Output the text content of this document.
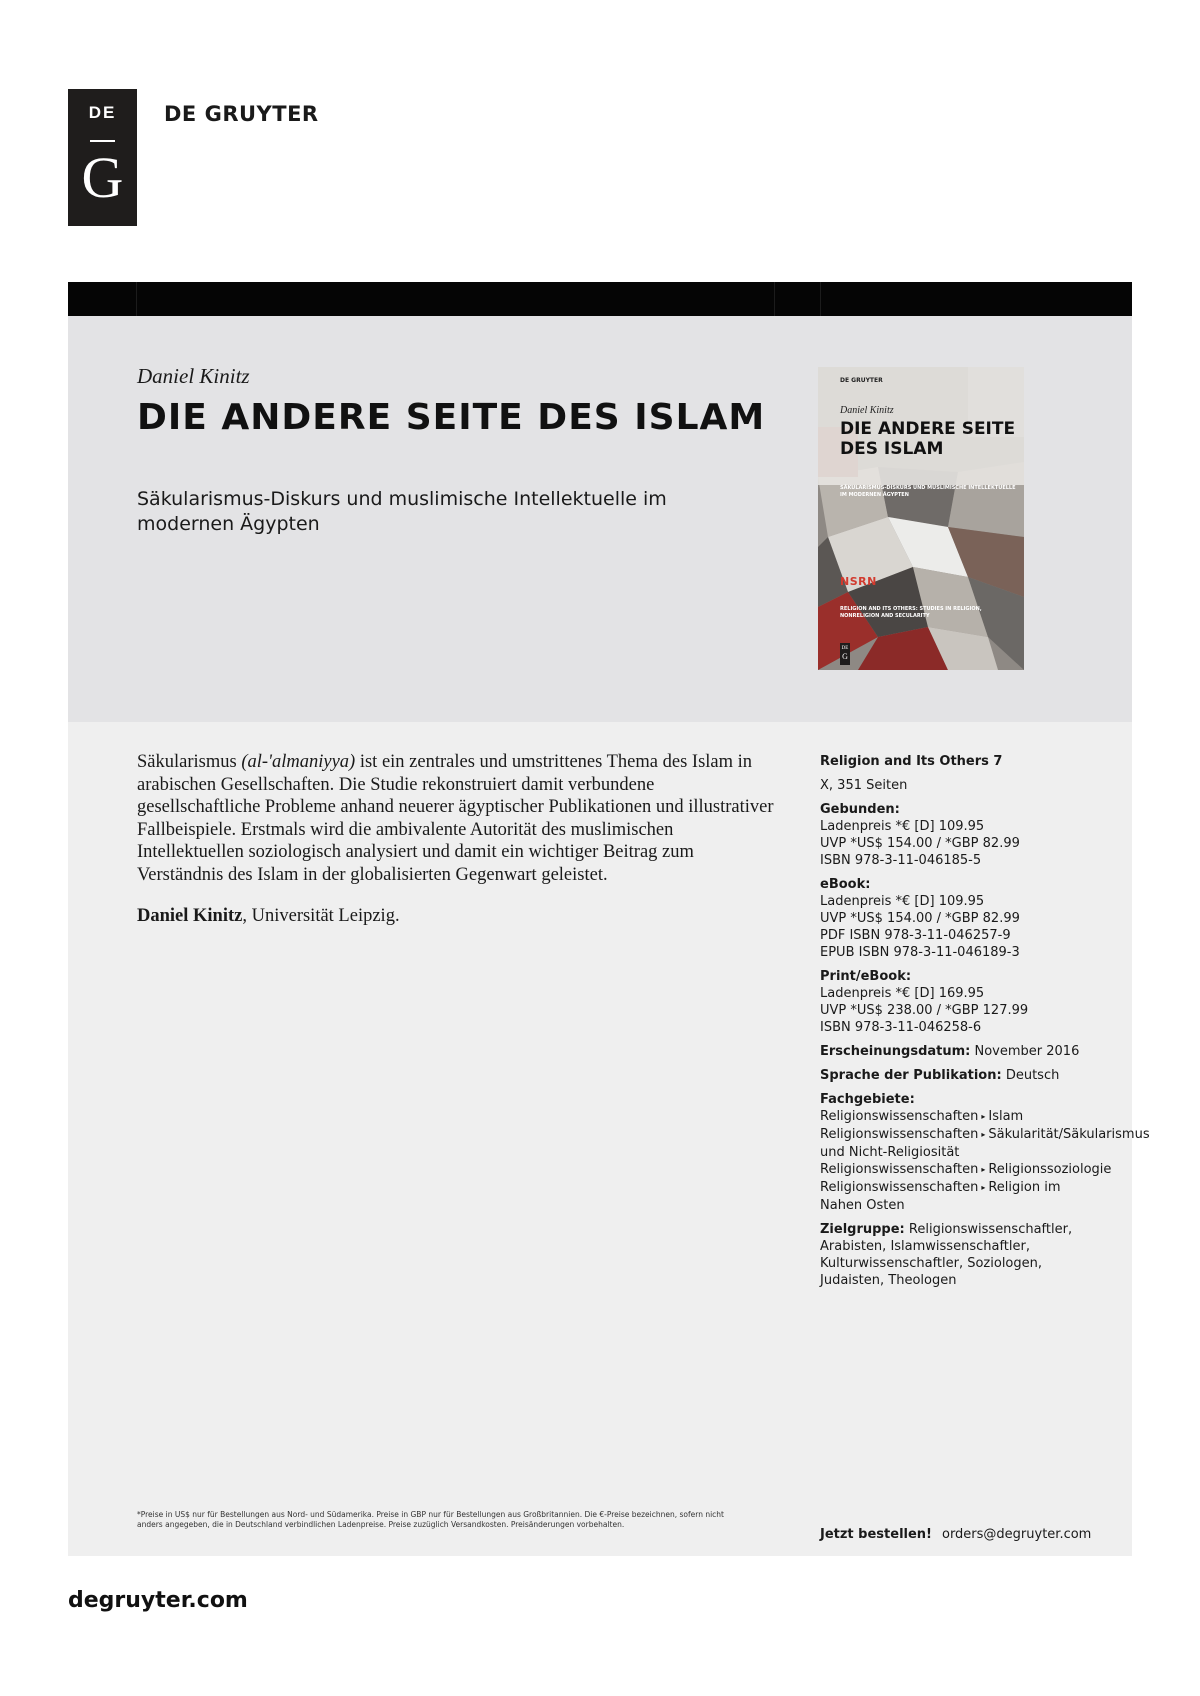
DE
G
DE GRUYTER
Daniel Kinitz
DIE ANDERE SEITE DES ISLAM
Säkularismus-Diskurs und muslimische Intellektuelle im modernen Ägypten
DE GRUYTER
Daniel Kinitz
DIE ANDERE SEITE DES ISLAM
SÄKULARISMUS-DISKURS UND MUSLIMISCHE INTELLEKTUELLE IM MODERNEN ÄGYPTEN
NSRN
RELIGION AND ITS OTHERS: STUDIES IN RELIGION, NONRELIGION AND SECULARITY
DE
G

Säkularismus (al-'almaniyya) ist ein zentrales und umstrittenes Thema des Islam in arabischen Gesellschaften. Die Studie rekonstruiert damit verbundene gesellschaftliche Probleme anhand neuerer ägyptischer Publikationen und illustrativer Fallbeispiele. Erstmals wird die ambivalente Autorität des muslimischen Intellektuellen soziologisch analysiert und damit ein wichtiger Beitrag zum Verständnis des Islam in der globalisierten Gegenwart geleistet.

Daniel Kinitz, Universität Leipzig.

Religion and Its Others 7
X, 351 Seiten
Gebunden:
Ladenpreis *€ [D] 109.95
UVP *US$ 154.00 / *GBP 82.99
ISBN 978-3-11-046185-5
eBook:
Ladenpreis *€ [D] 109.95
UVP *US$ 154.00 / *GBP 82.99
PDF ISBN 978-3-11-046257-9
EPUB ISBN 978-3-11-046189-3
Print/eBook:
Ladenpreis *€ [D] 169.95
UVP *US$ 238.00 / *GBP 127.99
ISBN 978-3-11-046258-6
Erscheinungsdatum: November 2016
Sprache der Publikation: Deutsch
Fachgebiete:
Religionswissenschaften ▸ Islam
Religionswissenschaften ▸ Säkularität/Säkularismus und Nicht-Religiosität
Religionswissenschaften ▸ Religionssoziologie
Religionswissenschaften ▸ Religion im Nahen Osten
Zielgruppe: Religionswissenschaftler, Arabisten, Islamwissenschaftler, Kulturwissenschaftler, Soziologen, Judaisten, Theologen
*Preise in US$ nur für Bestellungen aus Nord- und Südamerika. Preise in GBP nur für Bestellungen aus Großbritannien. Die €-Preise bezeichnen, sofern nicht anders angegeben, die in Deutschland verbindlichen Ladenpreise. Preise zuzüglich Versandkosten. Preisänderungen vorbehalten.
Jetzt bestellen! orders@degruyter.com
degruyter.com
